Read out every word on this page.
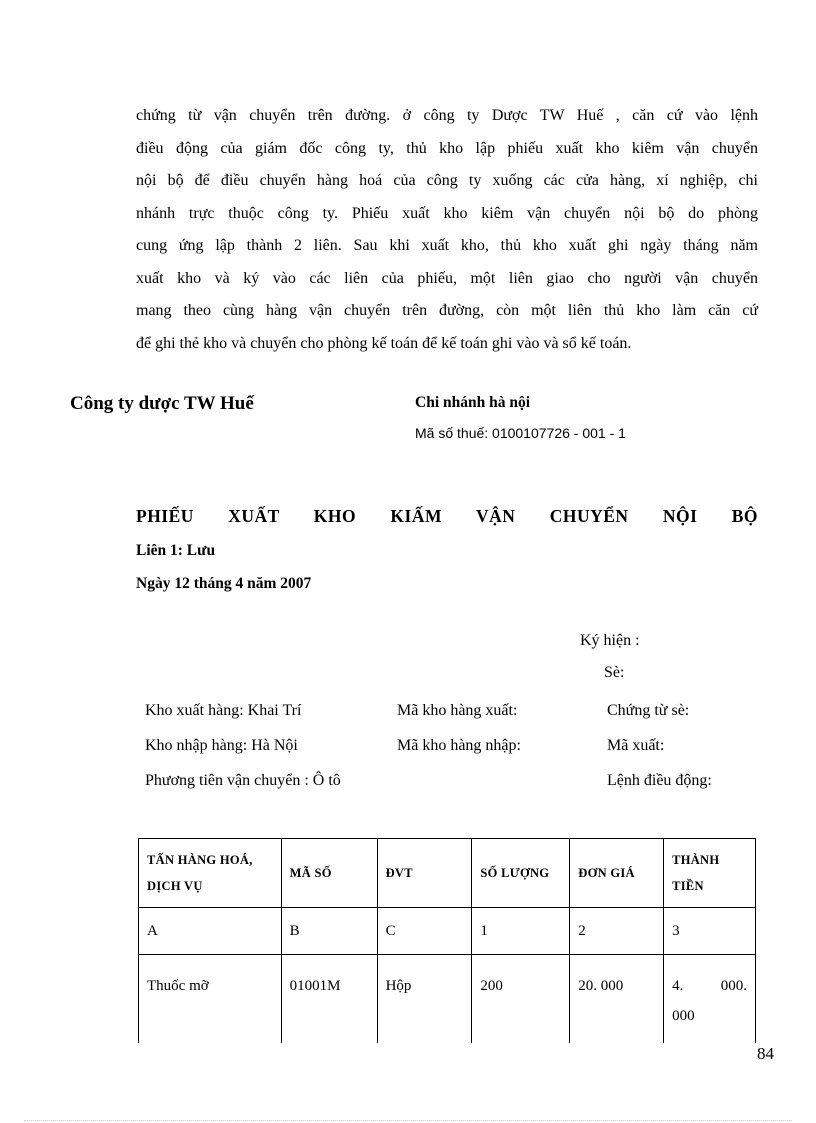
chứng từ vận chuyển trên đường. ở công ty Dược TW Huế , căn cứ vào lệnh
điều động của giám đốc công ty, thủ kho lập phiếu xuất kho kiêm vận chuyển
nội bộ để điều chuyển hàng hoá của công ty xuống các cửa hàng, xí nghiệp, chi
nhánh trực thuộc công ty. Phiếu xuất kho kiêm vận chuyển nội bộ do phòng
cung ứng lập thành 2 liên. Sau khi xuất kho, thủ kho xuất ghi ngày tháng năm
xuất kho và ký vào các liên của phiếu, một liên giao cho người vận chuyển
mang theo cùng hàng vận chuyển trên đường, còn một liên thủ kho làm căn cứ
để ghi thẻ kho và chuyển cho phòng kế toán để kế toán ghi vào và sổ kế toán.
Công ty dược TW Huế	Chi nhánh hà nội
Mã số thuế: 0100107726 - 001 - 1
PHIẾU XUẤT KHO KIẤM VẬN CHUYỂN NỘI BỘ
Liên 1: Lưu
Ngày 12 tháng 4 năm 2007
Ký hiện :
Sè:
Kho xuất hàng: Khai Trí	Mã kho hàng xuất:	Chứng từ sè:
Kho nhập hàng: Hà Nội	Mã kho hàng nhập:	Mã xuất:
Phương tiên vận chuyển : Ô tô	Lệnh điều động:
TẤN HÀNG HOÁ, DỊCH VỤ	MÃ SỐ	ĐVT	SỐ LƯỢNG	ĐƠN GIÁ	THÀNH TIỀN
A	B	C	1	2	3
Thuốc mỡ	01001M	Hộp	200	20. 000	4. 000.
000
84
